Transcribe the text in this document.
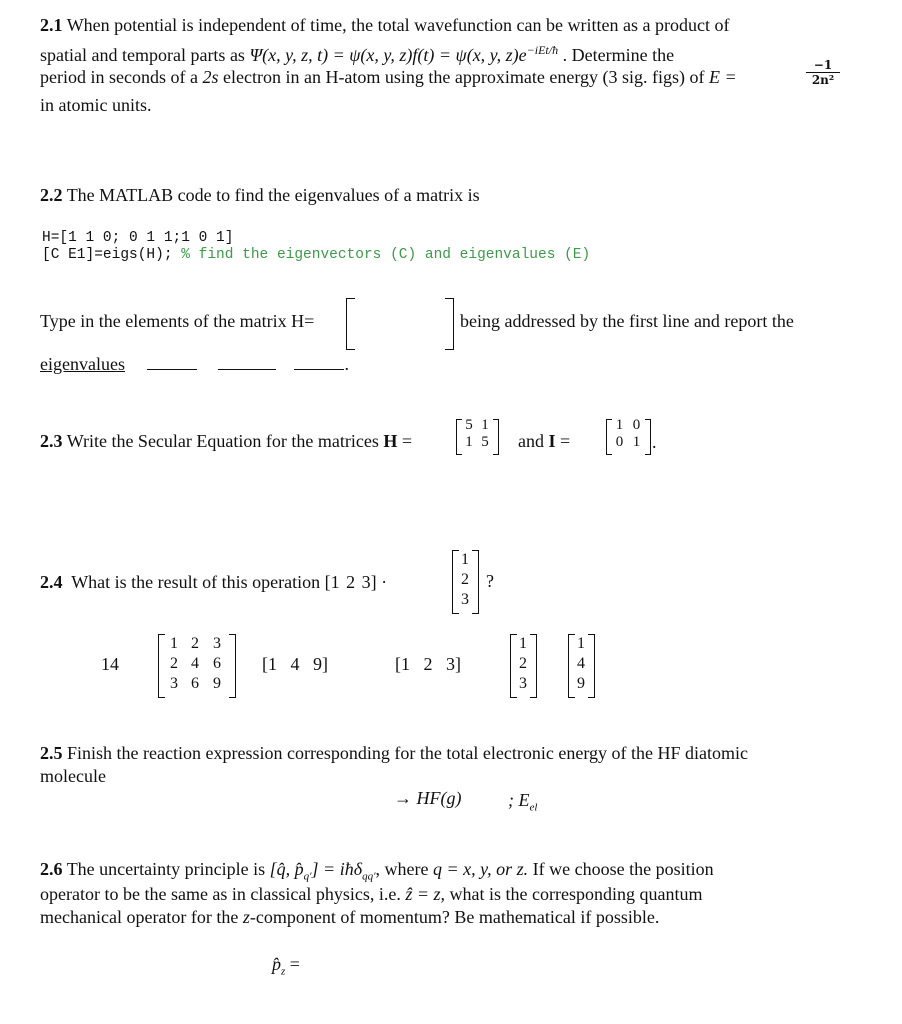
2.1 When potential is independent of time, the total wavefunction can be written as a product of
spatial and temporal parts as Ψ(x, y, z, t) = ψ(x, y, z)f(t) = ψ(x, y, $z)e^{-iEt/ħ}$ . Determine the
period in seconds of a 2s electron in an H-atom using the approximate energy (3 sig. figs) of E =	$\frac{-1}{\text{2n²}}$
in atomic units.
2.2 The MATLAB code to find the eigenvalues of a matrix is
H=[1 1 0; 0 1 1;1 0 1]
[C E1]=eigs(H); % find the eigenvectors (C) and eigenvalues (E)
Type in the elements of the matrix H=	being addressed by the first line and report the
eigenvalues	.
2.3 Write the Secular Equation for the matrices H =
5 1
1 5 and I =
1 0
0 1 .
2.4 What is the result of this operation [1 2 3] ·
1
2
3
?
14
1 2 3
2 4 6
3 6 9
[1   4   9]	[1   2   3]
1
2
3
1
4
9
2.5 Finish the reaction expression corresponding for the total electronic energy of the HF diatomic
molecule
→ HF(g)	; $E_{el}$
2.6 The uncertainty principle is [q̂, $p̂_{q'}$] = iħδ$_{qq'}$, where q = x, y, or z. If we choose the position
operator to be the same as in classical physics, i.e. ẑ = z, what is the corresponding quantum
mechanical operator for the z-component of momentum? Be mathematical if possible.
$p̂_z$ =
